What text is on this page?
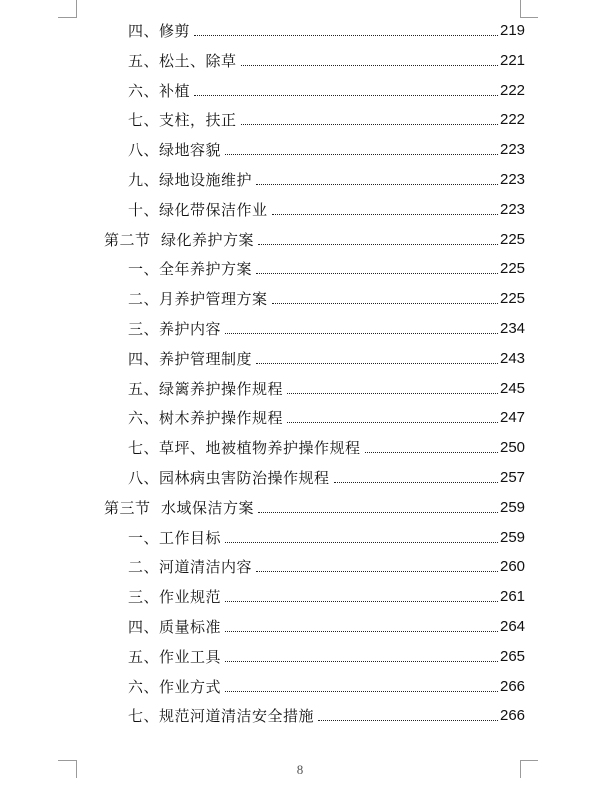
四、修剪	219
五、松土、除草	221
六、补植	222
七、支柱，扶正	222
八、绿地容貌	223
九、绿地设施维护	223
十、绿化带保洁作业	223
第二节  绿化养护方案	225
一、全年养护方案	225
二、月养护管理方案	225
三、养护内容	234
四、养护管理制度	243
五、绿篱养护操作规程	245
六、树木养护操作规程	247
七、草坪、地被植物养护操作规程	250
八、园林病虫害防治操作规程	257
第三节  水域保洁方案	259
一、工作目标	259
二、河道清洁内容	260
三、作业规范	261
四、质量标准	264
五、作业工具	265
六、作业方式	266
七、规范河道清洁安全措施	266
8
